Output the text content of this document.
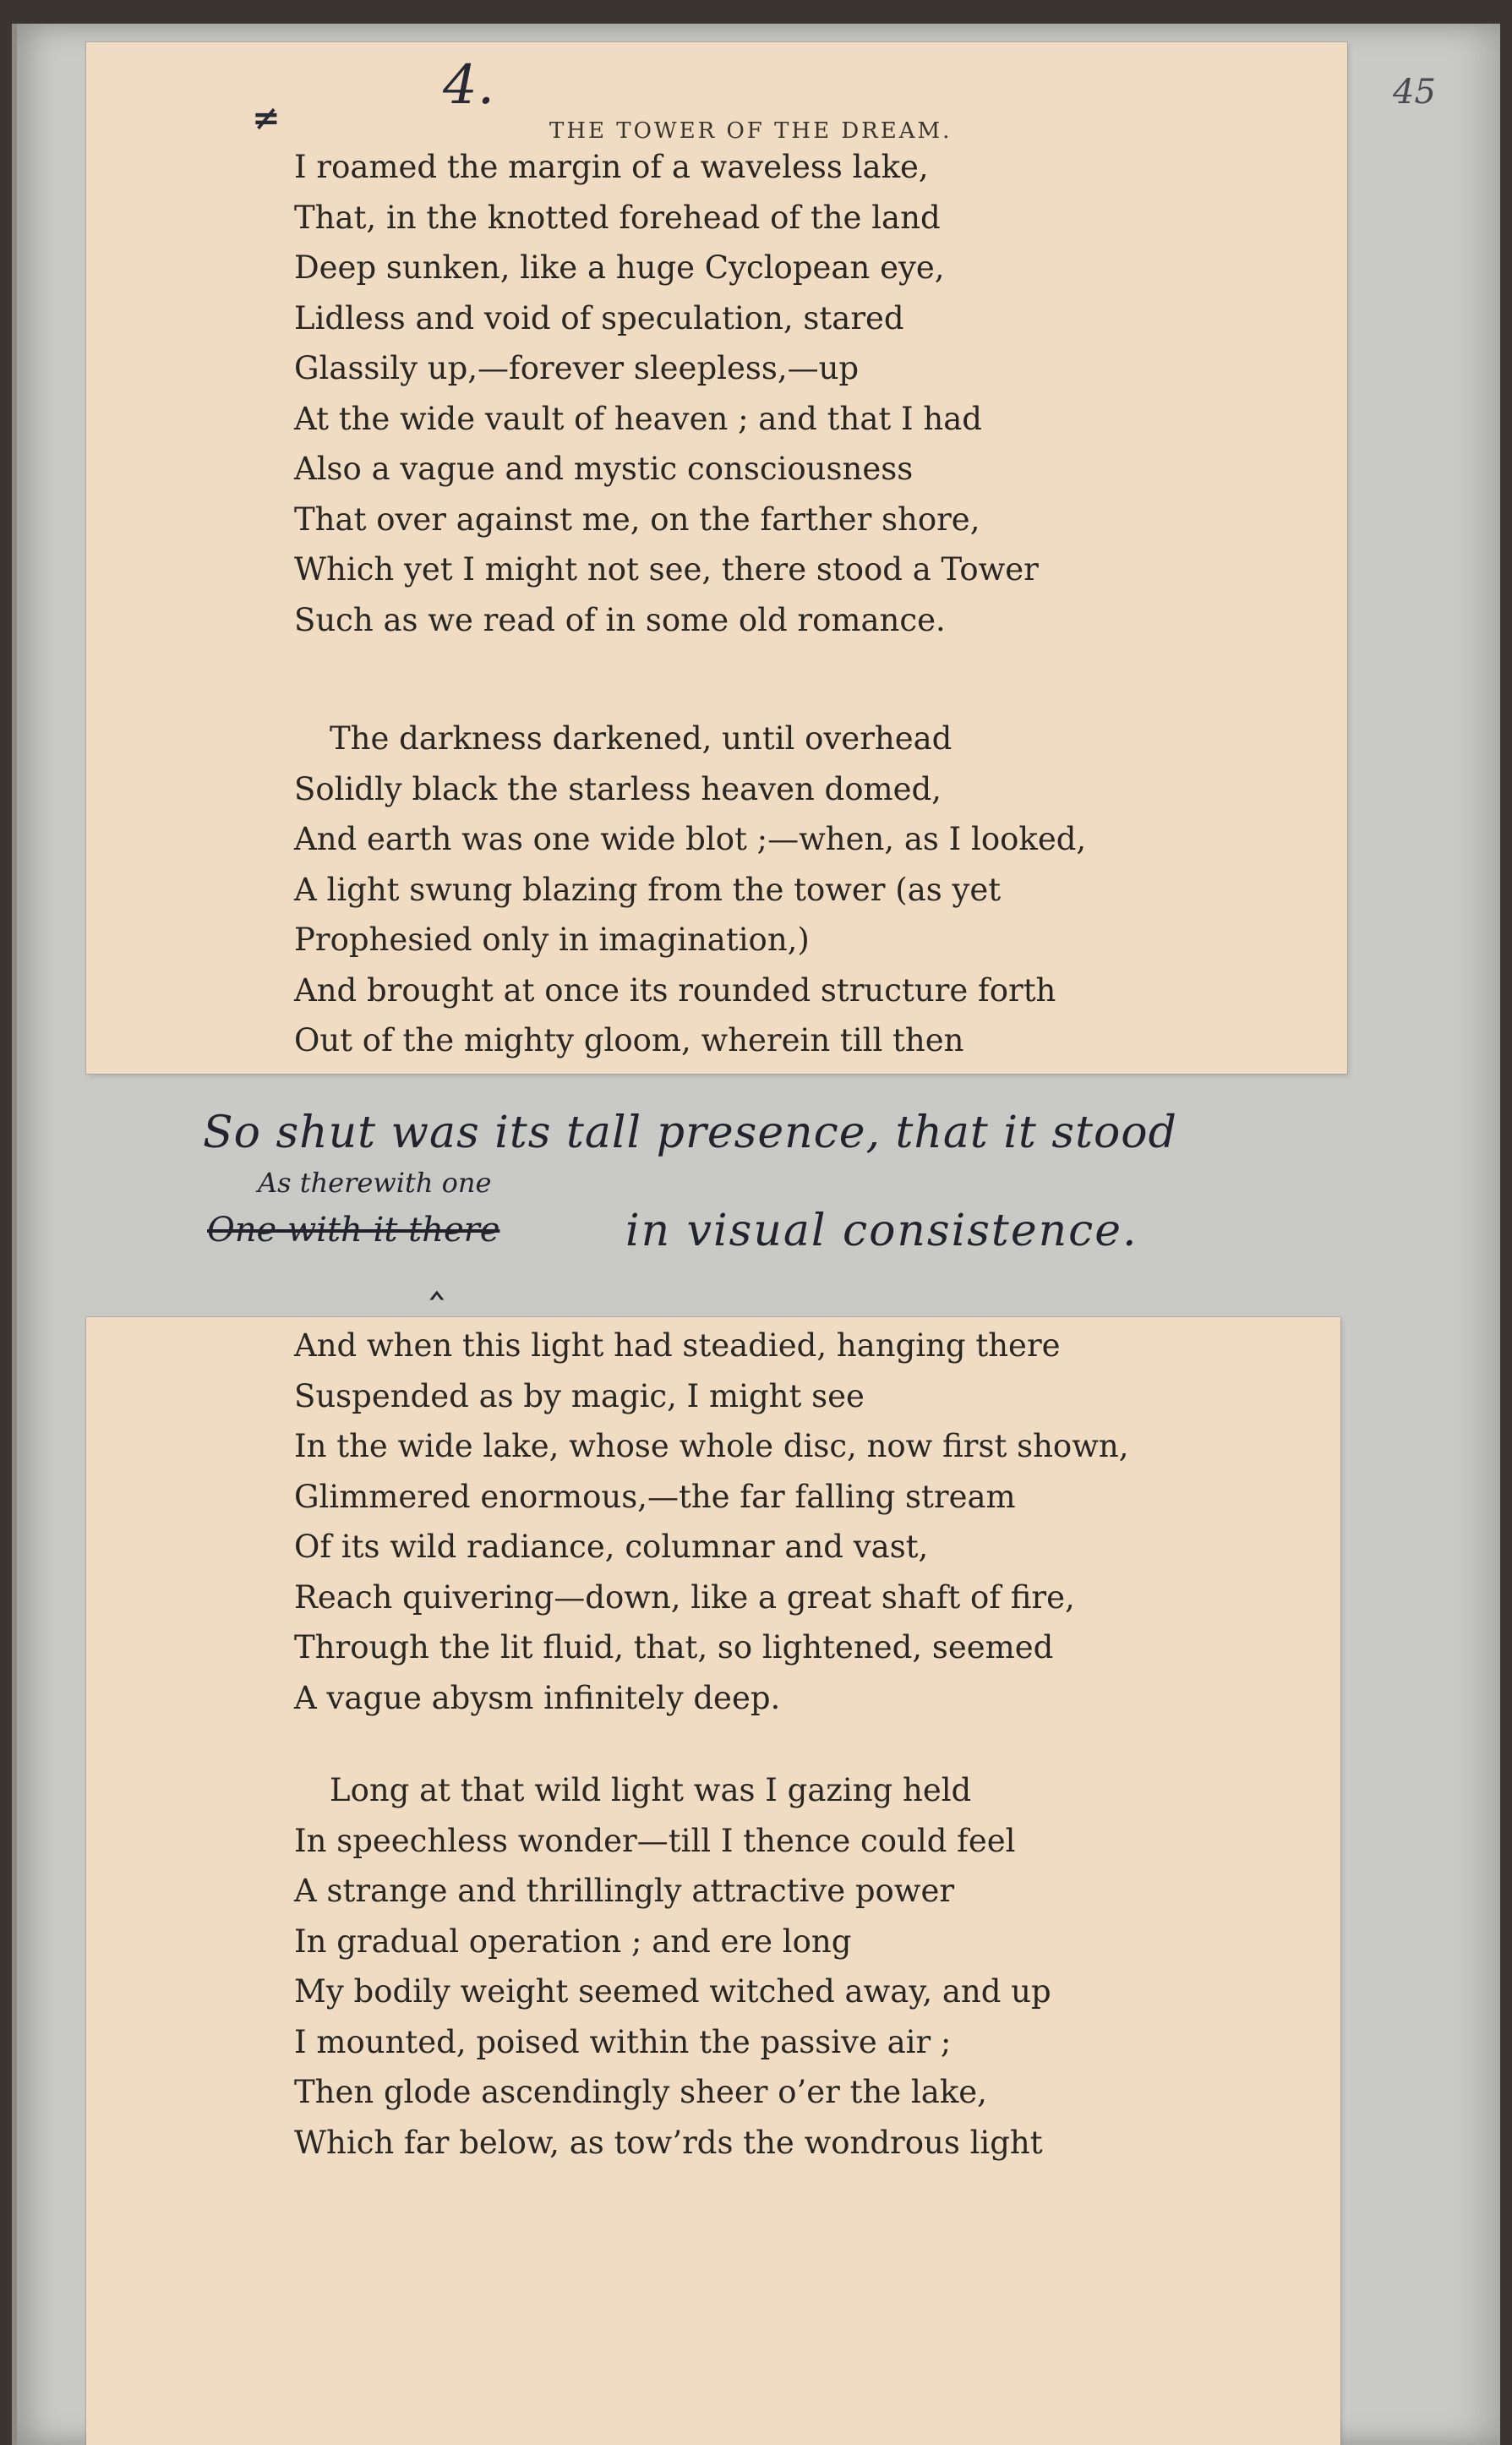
45
4.
≠	THE TOWER OF THE DREAM.
I roamed the margin of a waveless lake,
That, in the knotted forehead of the land
Deep sunken, like a huge Cyclopean eye,
Lidless and void of speculation, stared
Glassily up,—forever sleepless,—up
At the wide vault of heaven ; and that I had
Also a vague and mystic consciousness
That over against me, on the farther shore,
Which yet I might not see, there stood a Tower
Such as we read of in some old romance.
The darkness darkened, until overhead
Solidly black the starless heaven domed,
And earth was one wide blot ;—when, as I looked,
A light swung blazing from the tower (as yet
Prophesied only in imagination,)
And brought at once its rounded structure forth
Out of the mighty gloom, wherein till then
So shut was its tall presence, that it stood
As therewith one
One with it there	in visual consistence.
‸
And when this light had steadied, hanging there
Suspended as by magic, I might see
In the wide lake, whose whole disc, now first shown,
Glimmered enormous,—the far falling stream
Of its wild radiance, columnar and vast,
Reach quivering—down, like a great shaft of fire,
Through the lit fluid, that, so lightened, seemed
A vague abysm infinitely deep.
Long at that wild light was I gazing held
In speechless wonder—till I thence could feel
A strange and thrillingly attractive power
In gradual operation ; and ere long
My bodily weight seemed witched away, and up
I mounted, poised within the passive air ;
Then glode ascendingly sheer o’er the lake,
Which far below, as tow’rds the wondrous light
